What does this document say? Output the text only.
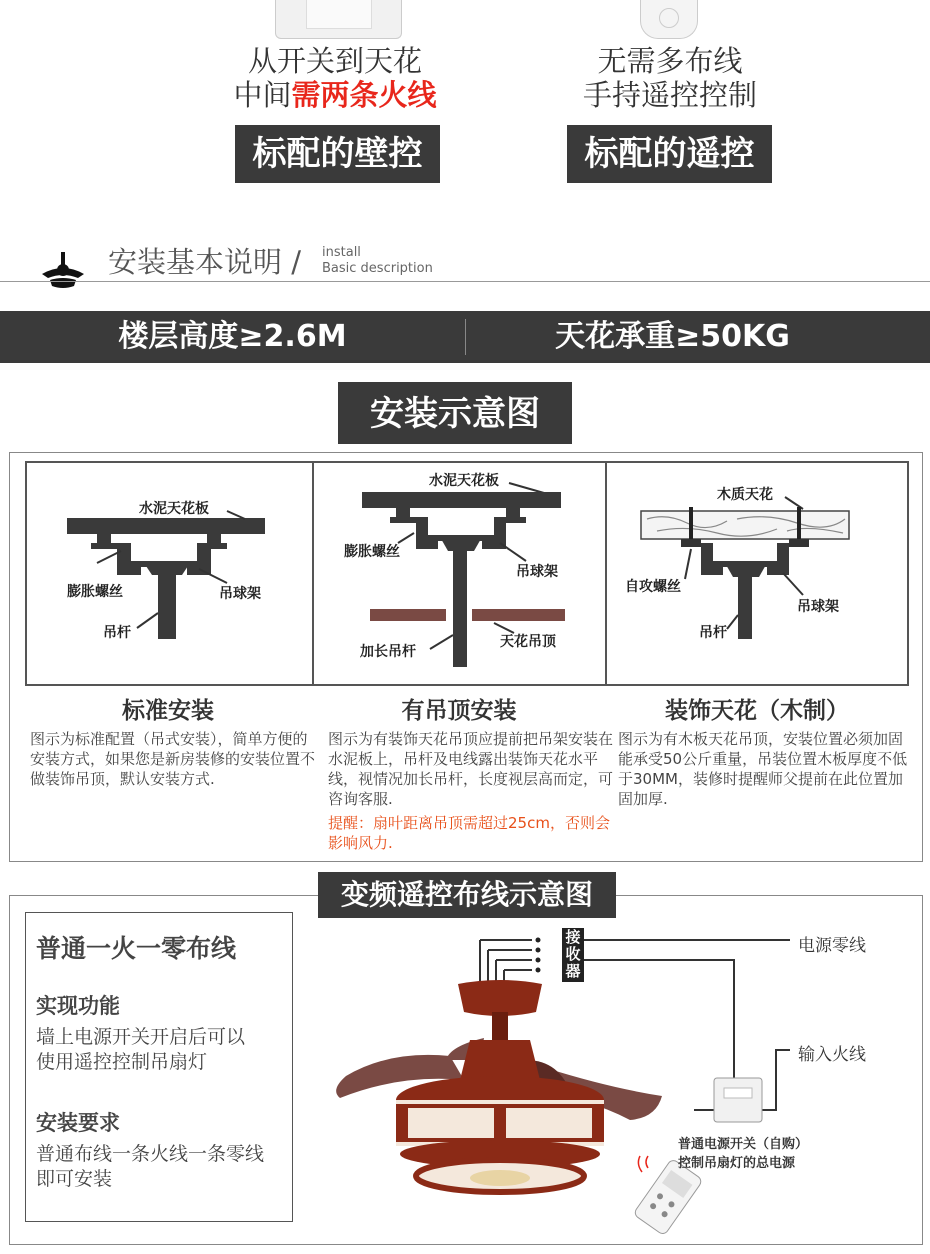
从开关到天花
中间需两条火线
无需多布线
手持遥控控制
标配的壁控	标配的遥控
安装基本说明 / install
Basic description
楼层高度≥2.6M	天花承重≥50KG
安装示意图
水泥天花板
膨胀螺丝	吊球架
吊杆
水泥天花板
膨胀螺丝
吊球架
天花吊顶
加长吊杆
木质天花
自攻螺丝
吊球架
吊杆
标准安装
图示为标准配置（吊式安装），简单方便的安装方式，如果您是新房装修的安装位置不做装饰吊顶，默认安装方式.
有吊顶安装
图示为有装饰天花吊顶应提前把吊架安装在水泥板上，吊杆及电线露出装饰天花水平线，视情况加长吊杆，长度视层高而定，可咨询客服.
提醒：扇叶距离吊顶需超过25cm，否则会影响风力.
装饰天花（木制）
图示为有木板天花吊顶，安装位置必须加固能承受50公斤重量，吊装位置木板厚度不低于30MM，装修时提醒师父提前在此位置加固加厚.
变频遥控布线示意图
普通一火一零布线
实现功能
墙上电源开关开启后可以
使用遥控控制吊扇灯
安装要求
普通布线一条火线一条零线
即可安装
接收器
电源零线
输入火线
普通电源开关（自购）
控制吊扇灯的总电源
